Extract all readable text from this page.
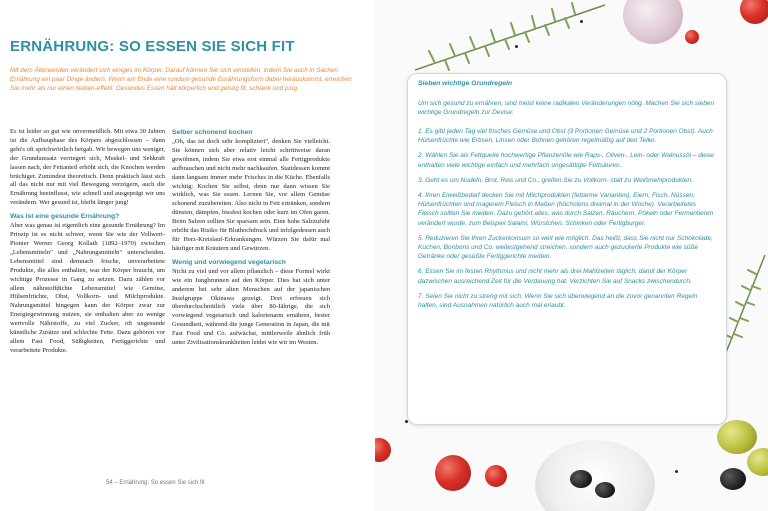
ERNÄHRUNG: SO ESSEN SIE SICH FIT
Mit dem Älterwerden verändert sich einiges im Körper. Darauf können Sie sich einstellen, indem Sie auch in Sachen Ernährung ein paar Dinge ändern. Wenn am Ende eine rundum gesunde Ernährungsform dabei herauskommt, erreichen Sie mehr als nur einen Neben-effekt: Gesundes Essen hält körperlich und geistig fit, schlank und jung.

Es ist leider so gut wie unvermeidlich. Mit etwa 30 Jahren ist die Aufbauphase des Körpers abgeschlossen – dann geht's oft sprichwörtlich bergab. Wir bewegen uns weniger, der Grundumsatz verringert sich, Muskel- und Sehkraft lassen nach, der Fettanteil erhöht sich, die Knochen werden brüchiger. Zumindest theoretisch. Denn praktisch lässt sich all das nicht nur mit viel Bewegung verzögern, auch die Ernährung beeinflusst, wie schnell und ausgeprägt wir uns verändern. Wer gesund ist, bleibt länger jung!

Was ist eine gesunde Ernährung?

Aber was genau ist eigentlich eine gesunde Ernährung? Im Prinzip ist es nicht schwer, wenn Sie wie der Vollwert-Pionier Werner Georg Kollath (1892–1970) zwischen „Lebensmitteln" und „Nahrungsmitteln" unterscheiden. Lebensmittel sind demnach frische, unverarbeitete Produkte, die alles enthalten, was der Körper braucht, um wichtige Prozesse in Gang zu setzen. Dazu zählen vor allem nährstoffdichte Lebensmittel wie Gemüse, Hülsenfrüchte, Obst, Vollkorn- und Milchprodukte. Nahrungsmittel hingegen kann der Körper zwar zur Energiegewinnung nutzen, sie enthalten aber zu wenige wertvolle Nährstoffe, zu viel Zucker, oft ungesunde künstliche Zusätze und schlechte Fette. Dazu gehören vor allem Fast Food, Süßigkeiten, Fertiggerichte und verarbeitete Produkte.

Selber schonend kochen

„Oh, das ist doch sehr kompliziert", denken Sie vielleicht. Sie können sich aber relativ leicht schrittweise daran gewöhnen, indem Sie etwa erst einmal alle Fertigprodukte aufbrauchen und nicht mehr nachkaufen. Stattdessen kommt dann langsam immer mehr Frisches in die Küche. Ebenfalls wichtig: Kochen Sie selbst, denn nur dann wissen Sie wirklich, was Sie essen. Lernen Sie, vor allem Gemüse schonend zuzubereiten. Also nicht in Fett ertränken, sondern dünsten, dämpfen, bissfest kochen oder kurz im Ofen garen. Beim Salzen sollten Sie sparsam sein. Eine hohe Salzzufuhr erhöht das Risiko für Bluthochdruck und infolgedessen auch für Herz-Kreislauf-Erkrankungen. Würzen Sie dafür mal häufiger mit Kräutern und Gewürzen.

Wenig und vorwiegend vegetarisch

Nicht zu viel und vor allem pflanzlich – diese Formel wirkt wie ein Jungbrunnen auf den Körper. Dies hat sich unter anderem bei sehr alten Menschen auf der japanischen Inselgruppe Okinawa gezeigt. Dort erfreuen sich überdurchschnittlich viele über 80-Jährige, die sich vorwiegend vegetarisch und kalorienarm ernähren, bester Gesundheit, während die junge Generation in Japan, die mit Fast Food und Co. aufwächst, mittlerweile ähnlich früh unter Zivilisationskrankheiten leidet wie wir im Westen.

54 – Ernährung: So essen Sie sich fit
Sieben wichtige Grundregeln
Um sich gesund zu ernähren, sind meist keine radikalen Veränderungen nötig. Machen Sie sich sieben wichtige Grundregeln zur Devise:
1. Es gibt jeden Tag viel frisches Gemüse und Obst (3 Portionen Gemüse und 2 Portionen Obst). Auch Hülsenfrüchte wie Erbsen, Linsen oder Bohnen gehören regelmäßig auf den Teller.
2. Wählen Sie als Fettquelle hochwertige Pflanzenöle wie Raps-, Oliven-, Lein- oder Walnussöl – diese enthalten viele wichtige einfach und mehrfach ungesättigte Fettsäuren.
3. Geht es um Nudeln, Brot, Reis und Co., greifen Sie zu Vollkorn- statt zu Weißmehlprodukten.
4. Ihren Eiweißbedarf decken Sie mit Milchprodukten (fettarme Varianten), Eiern, Fisch, Nüssen, Hülsenfrüchten und magerem Fleisch in Maßen (höchstens dreimal in der Woche). Verarbeitetes Fleisch sollten Sie meiden. Dazu gehört alles, was durch Salzen, Räuchern, Pökeln oder Fermentieren verändert wurde, zum Beispiel Salami, Würstchen, Schinken oder Fertigburger.
5. Reduzieren Sie Ihren Zuckerkonsum so weit wie möglich. Das heißt, dass Sie nicht nur Schokolade, Kuchen, Bonbons und Co. weitestgehend streichen, sondern auch gezuckerte Produkte wie süße Getränke oder gesüßte Fertiggerichte meiden.
6. Essen Sie im festen Rhythmus und nicht mehr als drei Mahlzeiten täglich, damit der Körper dazwischen ausreichend Zeit für die Verdauung hat. Verzichten Sie auf Snacks zwischendurch.
7. Seien Sie nicht zu streng mit sich. Wenn Sie sich überwiegend an die zuvor genannten Regeln halten, sind Ausnahmen natürlich auch mal erlaubt.
